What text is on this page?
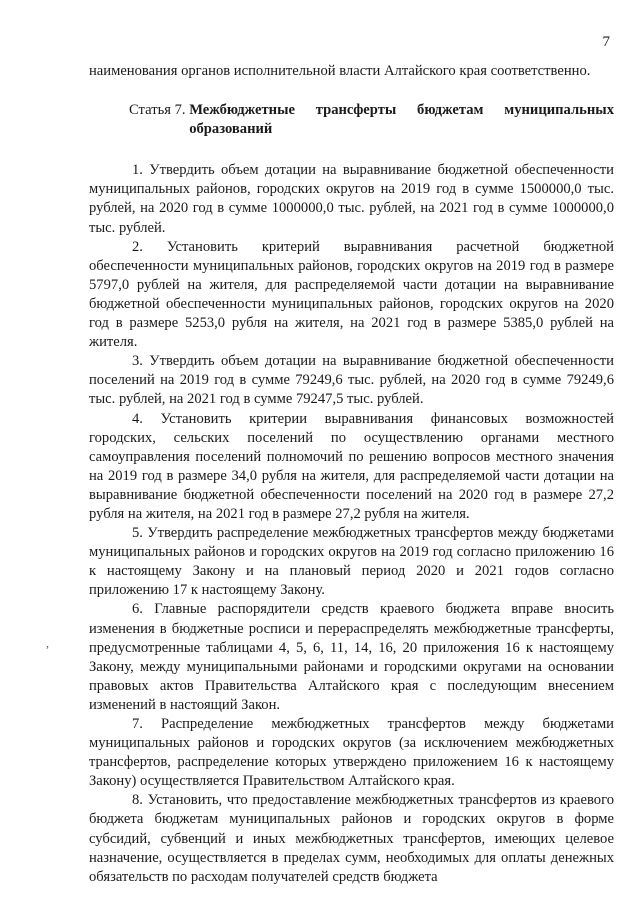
7
,

наименования органов исполнительной власти Алтайского края соответственно.

Статья 7. Межбюджетные трансферты бюджетам муниципальных образований

1. Утвердить объем дотации на выравнивание бюджетной обеспеченности муниципальных районов, городских округов на 2019 год в сумме 1500000,0 тыс. рублей, на 2020 год в сумме 1000000,0 тыс. рублей, на 2021 год в сумме 1000000,0 тыс. рублей.

2. Установить критерий выравнивания расчетной бюджетной обеспеченности муниципальных районов, городских округов на 2019 год в размере 5797,0 рублей на жителя, для распределяемой части дотации на выравнивание бюджетной обеспеченности муниципальных районов, городских округов на 2020 год в размере 5253,0 рубля на жителя, на 2021 год в размере 5385,0 рублей на жителя.

3. Утвердить объем дотации на выравнивание бюджетной обеспеченности поселений на 2019 год в сумме 79249,6 тыс. рублей, на 2020 год в сумме 79249,6 тыс. рублей, на 2021 год в сумме 79247,5 тыс. рублей.

4. Установить критерии выравнивания финансовых возможностей городских, сельских поселений по осуществлению органами местного самоуправления поселений полномочий по решению вопросов местного значения на 2019 год в размере 34,0 рубля на жителя, для распределяемой части дотации на выравнивание бюджетной обеспеченности поселений на 2020 год в размере 27,2 рубля на жителя, на 2021 год в размере 27,2 рубля на жителя.

5. Утвердить распределение межбюджетных трансфертов между бюджетами муниципальных районов и городских округов на 2019 год согласно приложению 16 к настоящему Закону и на плановый период 2020 и 2021 годов согласно приложению 17 к настоящему Закону.

6. Главные распорядители средств краевого бюджета вправе вносить изменения в бюджетные росписи и перераспределять межбюджетные трансферты, предусмотренные таблицами 4, 5, 6, 11, 14, 16, 20 приложения 16 к настоящему Закону, между муниципальными районами и городскими округами на основании правовых актов Правительства Алтайского края с последующим внесением изменений в настоящий Закон.

7. Распределение межбюджетных трансфертов между бюджетами муниципальных районов и городских округов (за исключением межбюджетных трансфертов, распределение которых утверждено приложением 16 к настоящему Закону) осуществляется Правительством Алтайского края.

8. Установить, что предоставление межбюджетных трансфертов из краевого бюджета бюджетам муниципальных районов и городских округов в форме субсидий, субвенций и иных межбюджетных трансфертов, имеющих целевое назначение, осуществляется в пределах сумм, необходимых для оплаты денежных обязательств по расходам получателей средств бюджета
